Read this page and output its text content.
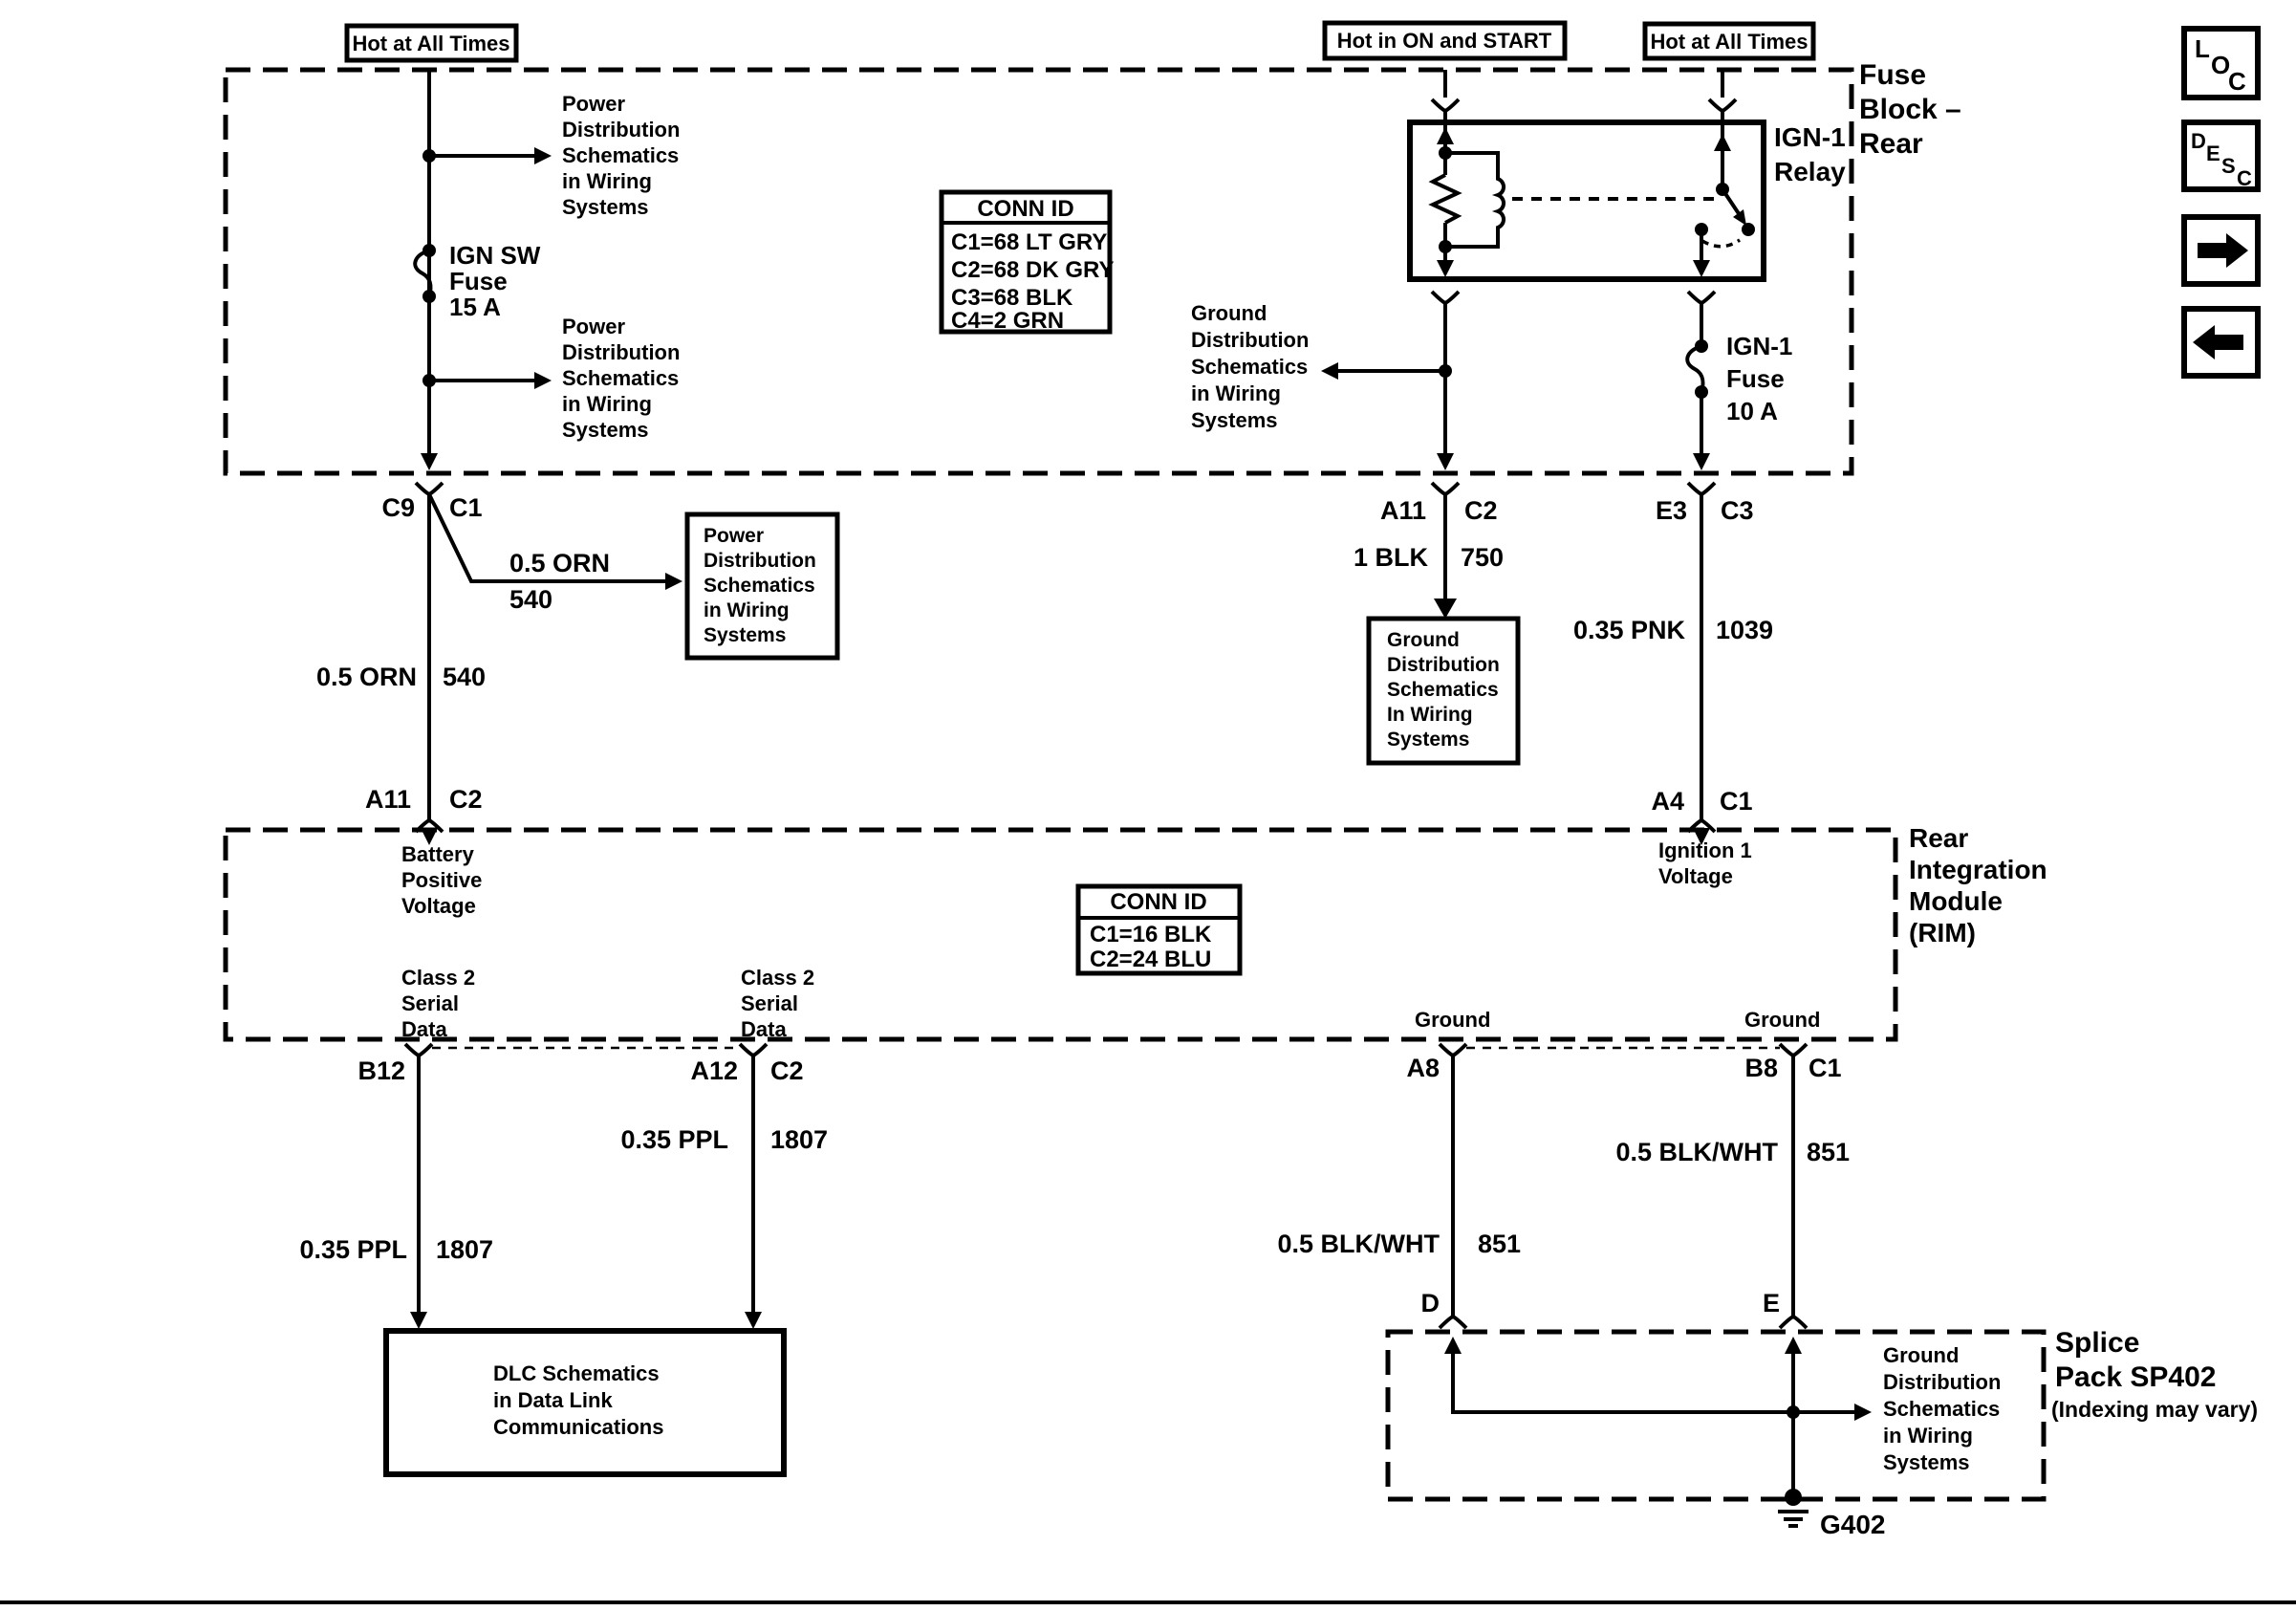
Hot at All Times	Hot in ON and START	Hot at All Times
Fuse
Block –
Rear
Power
Distribution
Schematics
in Wiring
Systems
IGN SW
Fuse
15 A
Power
Distribution
Schematics
in Wiring
Systems
CONN ID
C1=68 LT GRY
C2=68 DK GRY
C3=68 BLK
C4=2 GRN
IGN-1
Relay
Ground
Distribution
Schematics
in Wiring
Systems
IGN-1
Fuse
10 A
C9 C1
0.5 ORN
540
Power
Distribution
Schematics
in Wiring
Systems
0.5 ORN 540
A11 C2
A11 C2
1 BLK 750
Ground
Distribution
Schematics
In Wiring
Systems
E3 C3
0.35 PNK 1039
A4 C1
Rear
Integration
Module
(RIM)
CONN ID
C1=16 BLK
C2=24 BLU
Battery
Positive
Voltage
Class 2
Serial
Data
Class 2
Serial
Data
Ignition 1
Voltage
Ground	Ground
B12	A12 C2	A8	B8 C1
0.35 PPL 1807
0.35 PPL 1807
DLC Schematics
in Data Link
Communications
0.5 BLK/WHT 851
0.5 BLK/WHT 851
D	E
Ground
Distribution
Schematics
in Wiring
Systems
Splice
Pack SP402
(Indexing may vary)
G402
L
O
C
D
E
S
C
